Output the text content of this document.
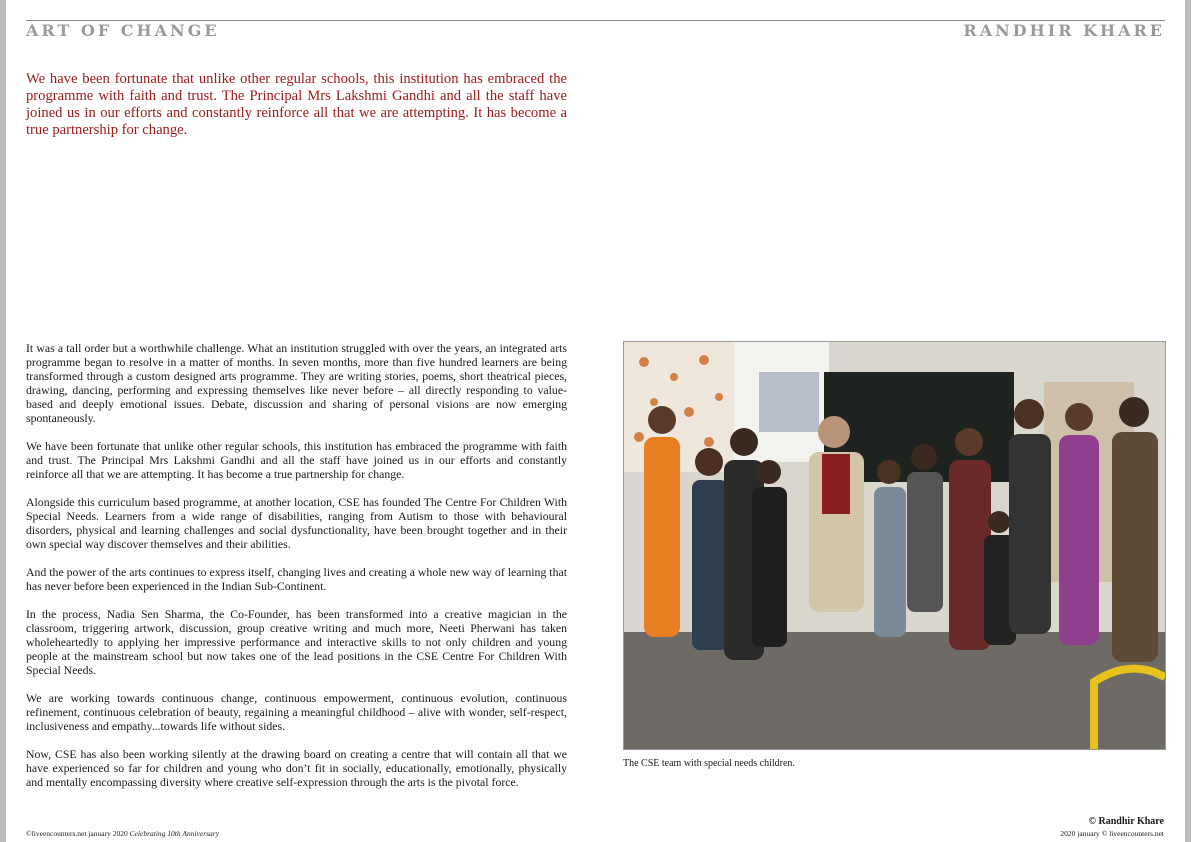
ART OF CHANGE	RANDHIR KHARE

We have been fortunate that unlike other regular schools, this institution has embraced the programme with faith and trust. The Principal Mrs Lakshmi Gandhi and all the staff have joined us in our efforts and constantly reinforce all that we are attempting. It has become a true partnership for change.

It was a tall order but a worthwhile challenge. What an institution struggled with over the years, an integrated arts programme began to resolve in a matter of months. In seven months, more than five hundred learners are being transformed through a custom designed arts programme. They are writing stories, poems, short theatrical pieces, drawing, dancing, performing and expressing themselves like never before – all directly responding to value-based and deeply emotional issues. Debate, discussion and sharing of personal visions are now emerging spontaneously.

We have been fortunate that unlike other regular schools, this institution has embraced the programme with faith and trust. The Principal Mrs Lakshmi Gandhi and all the staff have joined us in our efforts and constantly reinforce all that we are attempting. It has become a true partnership for change.

Alongside this curriculum based programme, at another location, CSE has founded The Centre For Children With Special Needs. Learners from a wide range of disabilities, ranging from Autism to those with behavioural disorders, physical and learning challenges and social dysfunctionality, have been brought together and in their own special way discover themselves and their abilities.

And the power of the arts continues to express itself, changing lives and creating a whole new way of learning that has never before been experienced in the Indian Sub-Continent.

In the process, Nadia Sen Sharma, the Co-Founder, has been transformed into a creative magician in the classroom, triggering artwork, discussion, group creative writing and much more, Neeti Pherwani has taken wholeheartedly to applying her impressive performance and interactive skills to not only children and young people at the mainstream school but now takes one of the lead positions in the CSE Centre For Children With Special Needs.

We are working towards continuous change, continuous empowerment, continuous evolution, continuous refinement, continuous celebration of beauty, regaining a meaningful childhood – alive with wonder, self-respect, inclusiveness and empathy...towards life without sides.

Now, CSE has also been working silently at the drawing board on creating a centre that will contain all that we have experienced so far for children and young who don’t fit in socially, educationally, emotionally, physically and mentally encompassing diversity where creative self-expression through the arts is the pivotal force.

The CSE team with special needs children.
© Randhir Khare
©liveencounters.net january 2020 Celebrating 10th Anniversary	2020 january © liveencounters.net
